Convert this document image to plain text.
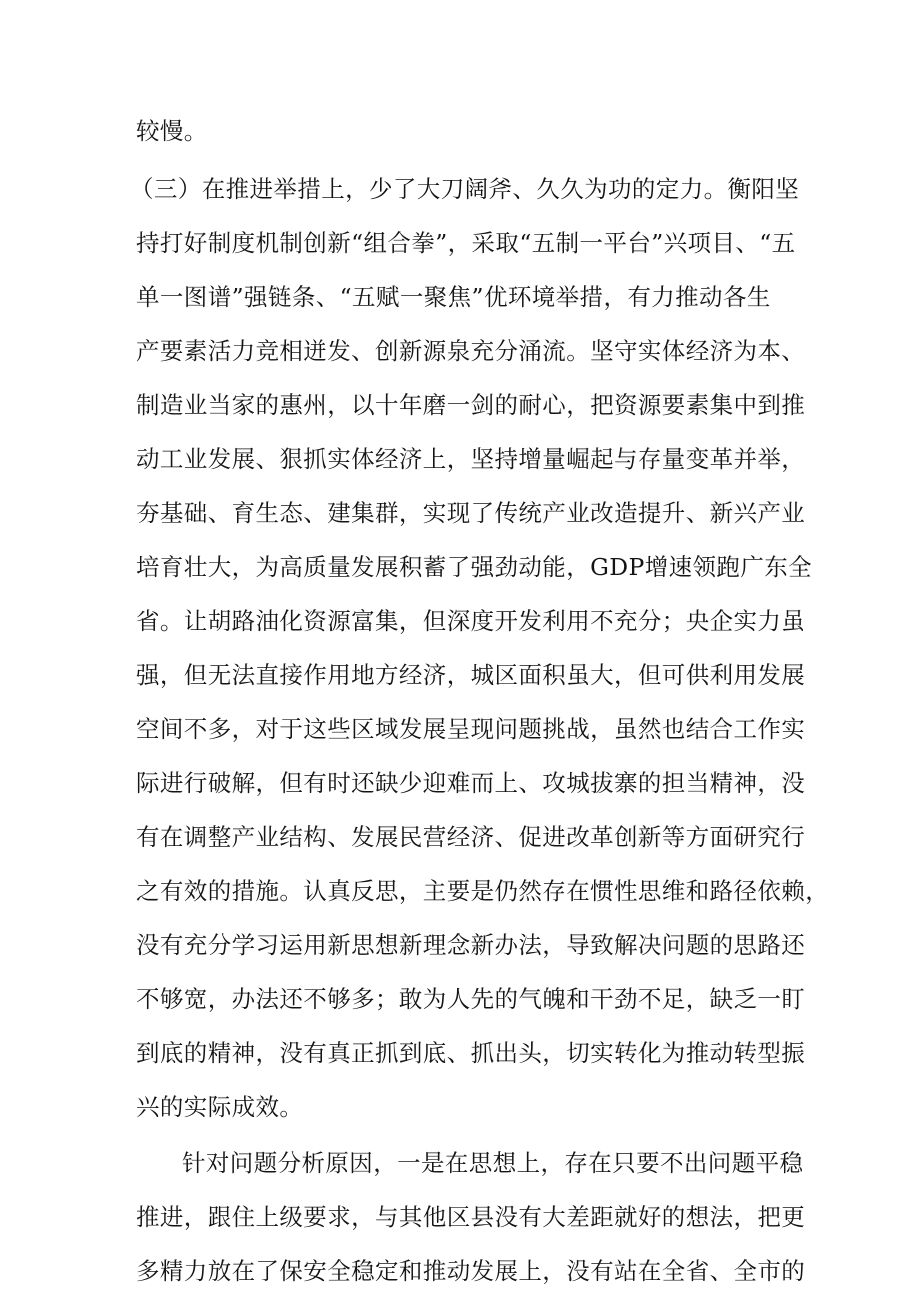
较慢。
（三）在推进举措上，少了大刀阔斧、久久为功的定力。衡阳坚
持打好制度机制创新“组合拳”，采取“五制一平台”兴项目、“五
单一图谱”强链条、“五赋一聚焦”优环境举措，有力推动各生
产要素活力竞相迸发、创新源泉充分涌流。坚守实体经济为本、
制造业当家的惠州，以十年磨一剑的耐心，把资源要素集中到推
动工业发展、狠抓实体经济上，坚持增量崛起与存量变革并举，
夯基础、育生态、建集群，实现了传统产业改造提升、新兴产业
培育壮大，为高质量发展积蓄了强劲动能，GDP增速领跑广东全
省。让胡路油化资源富集，但深度开发利用不充分；央企实力虽
强，但无法直接作用地方经济，城区面积虽大，但可供利用发展
空间不多，对于这些区域发展呈现问题挑战，虽然也结合工作实
际进行破解，但有时还缺少迎难而上、攻城拔寨的担当精神，没
有在调整产业结构、发展民营经济、促进改革创新等方面研究行
之有效的措施。认真反思，主要是仍然存在惯性思维和路径依赖，
没有充分学习运用新思想新理念新办法，导致解决问题的思路还
不够宽，办法还不够多；敢为人先的气魄和干劲不足，缺乏一盯
到底的精神，没有真正抓到底、抓出头，切实转化为推动转型振
兴的实际成效。
针对问题分析原因，一是在思想上，存在只要不出问题平稳
推进，跟住上级要求，与其他区县没有大差距就好的想法，把更
多精力放在了保安全稳定和推动发展上，没有站在全省、全市的
